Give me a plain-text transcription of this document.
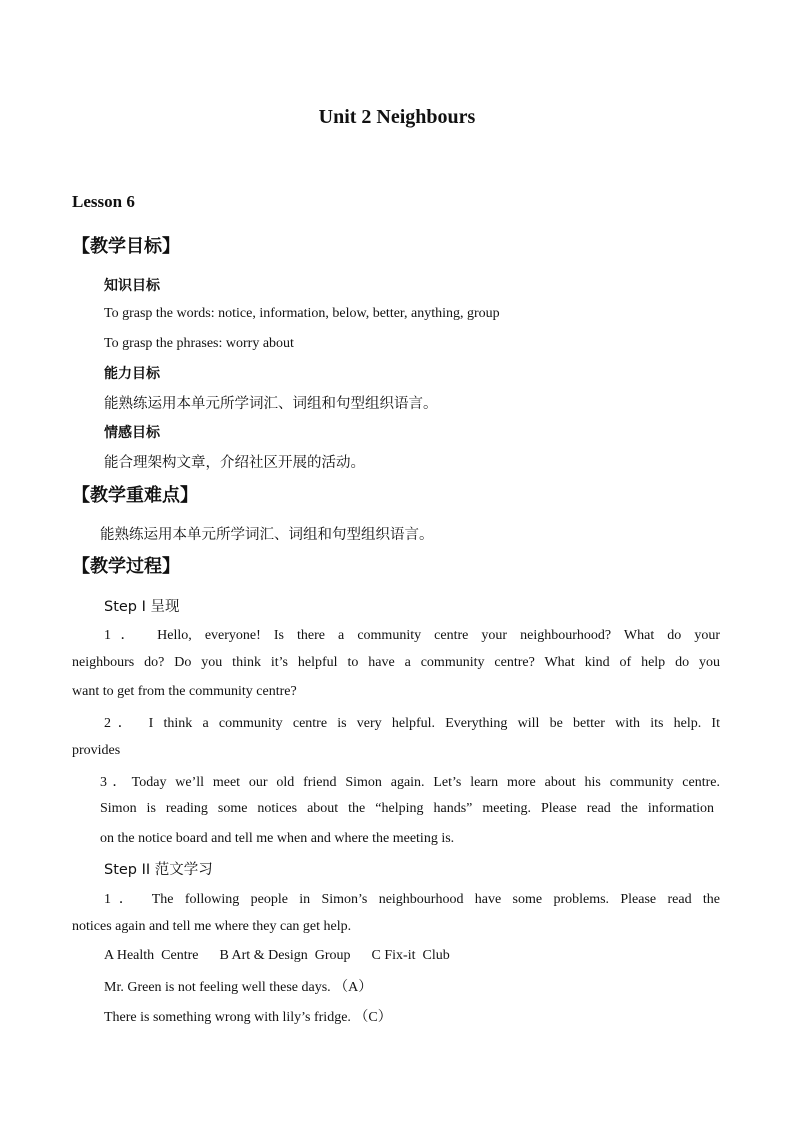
Unit 2 Neighbours
Lesson 6
【教学目标】
知识目标
To grasp the words: notice, information, below, better, anything, group
To grasp the phrases: worry about
能力目标
能熟练运用本单元所学词汇、词组和句型组织语言。
情感目标
能合理架构文章，介绍社区开展的活动。
【教学重难点】
能熟练运用本单元所学词汇、词组和句型组织语言。
【教学过程】
Step I 呈现
1． Hello, everyone! Is there a community centre your neighbourhood? What do your
neighbours do? Do you think it’s helpful to have a community centre? What kind of help do you
want to get from the community centre?
2． I think a community centre is very helpful. Everything will be better with its help. It
provides
3．Today we’ll meet our old friend Simon again. Let’s learn more about his community centre.
Simon is reading some notices about the “helping hands” meeting. Please read the information
on the notice board and tell me when and where the meeting is.
Step II 范文学习
1． The following people in Simon’s neighbourhood have some problems. Please read the
notices again and tell me where they can get help.
A Health  Centre      B Art & Design  Group      C Fix-it  Club
Mr. Green is not feeling well these days. （A）
There is something wrong with lily’s fridge. （C）
